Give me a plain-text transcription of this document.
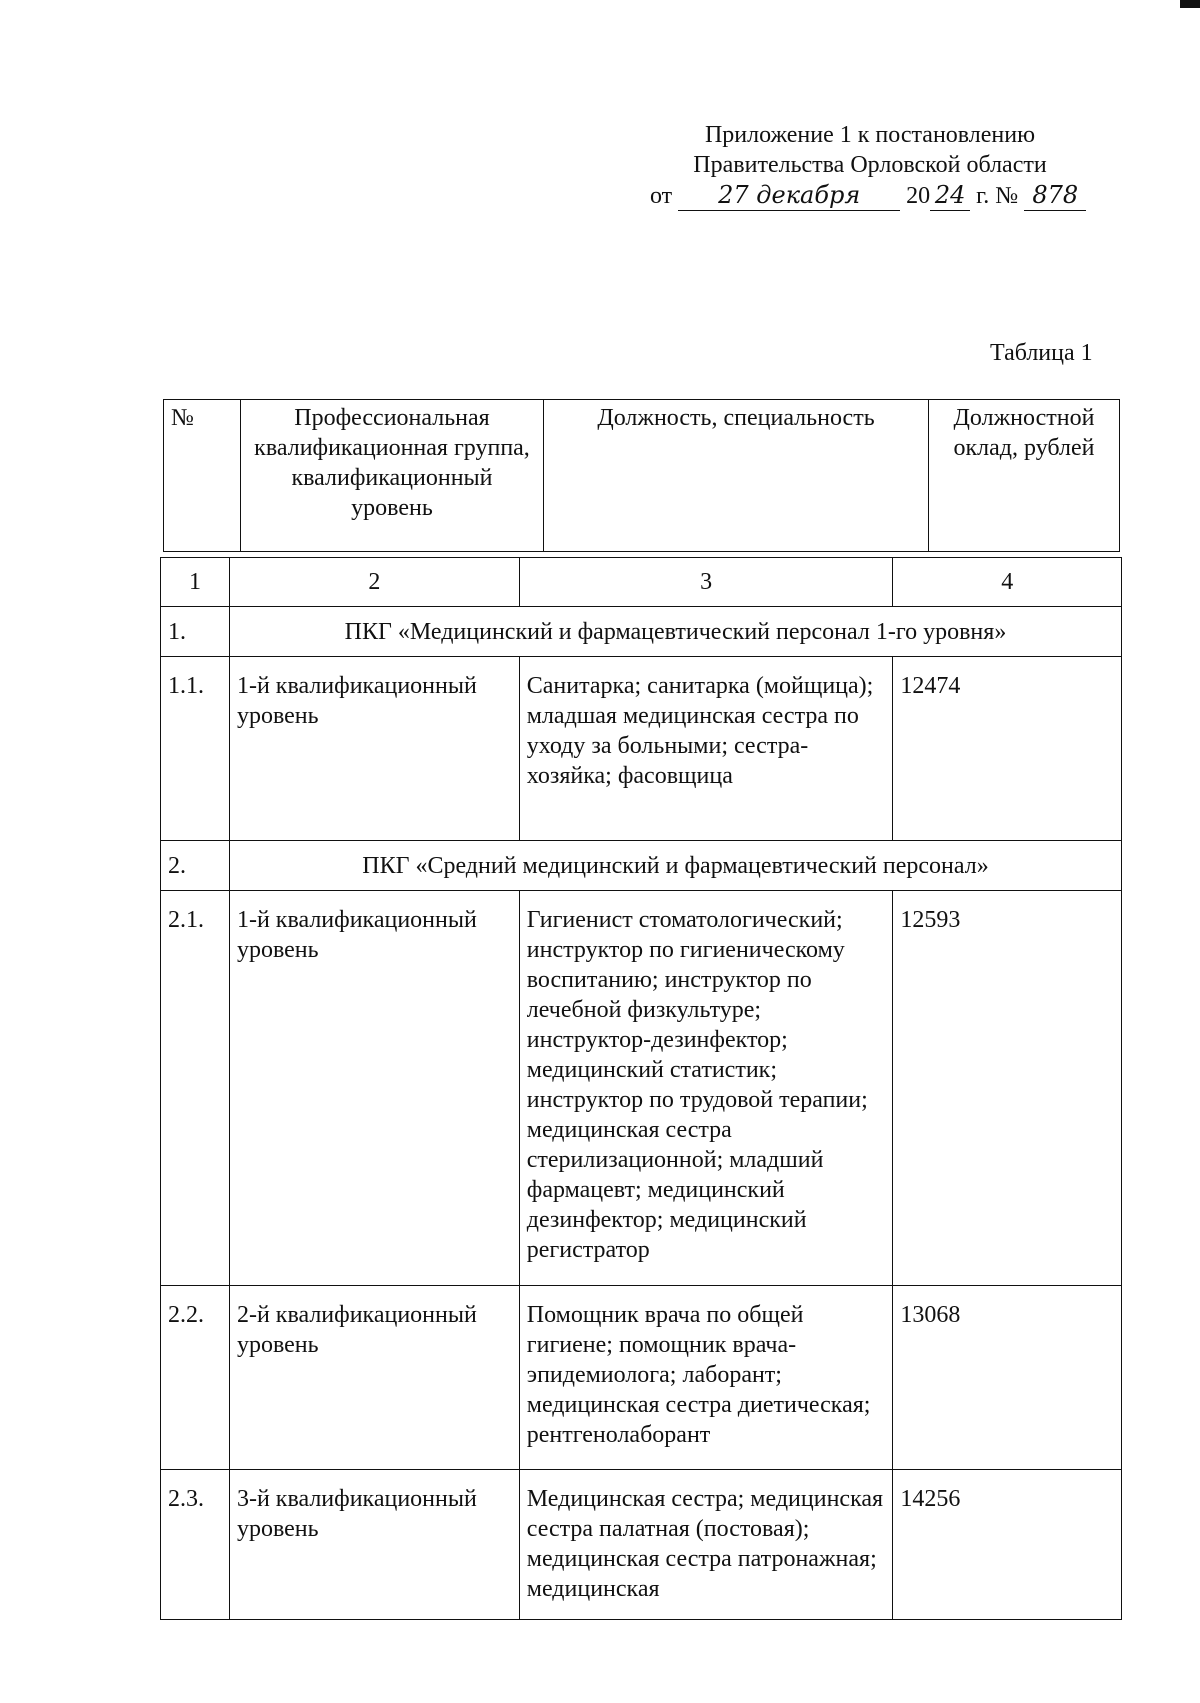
Приложение 1 к постановлению
Правительства Орловской области
от 27 декабря 20 24 г. № 878
Таблица 1
№	Профессиональная квалификационная группа, квалификационный уровень	Должность, специальность	Должностной оклад, рублей
1	2	3	4
1.	ПКГ «Медицинский и фармацевтический персонал 1-го уровня»		
1.1.	1-й квалификационный уровень	Санитарка; санитарка (мойщица); младшая медицинская сестра по уходу за больными; сестра-хозяйка; фасовщица	12474
2.	ПКГ «Средний медицинский и фармацевтический персонал»		
2.1.	1-й квалификационный уровень	Гигиенист стоматологический; инструктор по гигиеническому воспитанию; инструктор по лечебной физкультуре; инструктор-дезинфектор; медицинский статистик; инструктор по трудовой терапии; медицинская сестра стерилизационной; младший фармацевт; медицинский дезинфектор; медицинский регистратор	12593
2.2.	2-й квалификационный уровень	Помощник врача по общей гигиене; помощник врача-эпидемиолога; лаборант; медицинская сестра диетическая; рентгенолаборант	13068
2.3.	3-й квалификационный уровень	Медицинская сестра; медицинская сестра палатная (постовая); медицинская сестра патронажная; медицинская	14256
